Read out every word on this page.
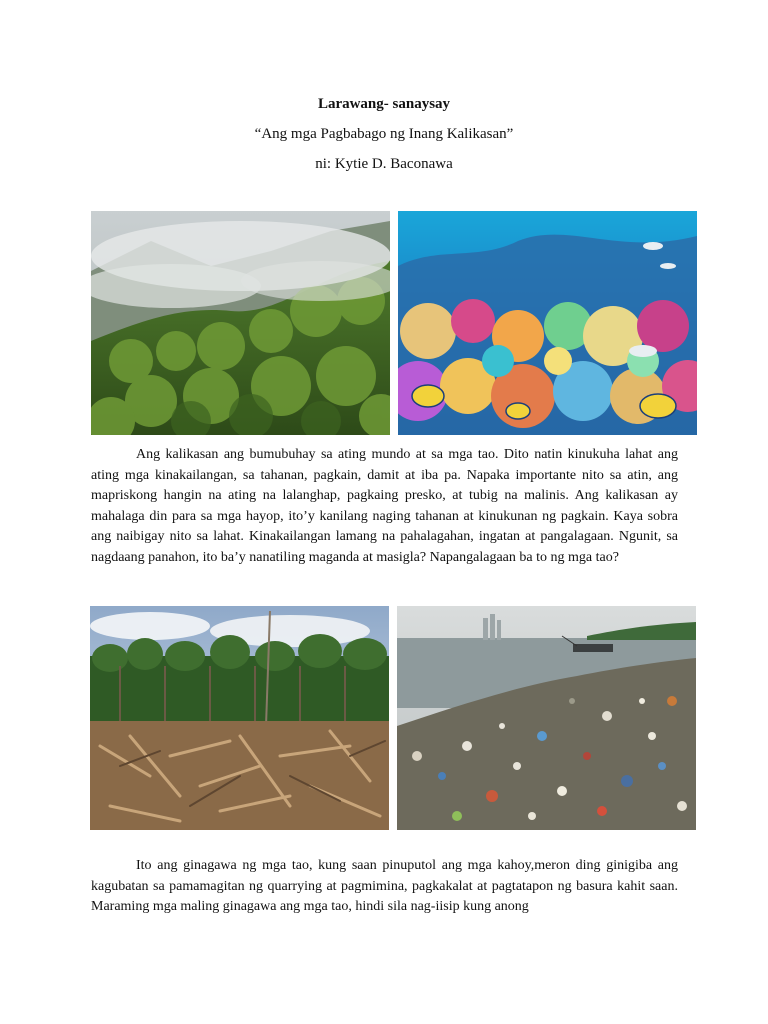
Larawang- sanaysay
“Ang mga Pagbabago ng Inang Kalikasan”
ni: Kytie D. Baconawa

Ang kalikasan ang bumubuhay sa ating mundo at sa mga tao. Dito natin kinukuha lahat ang ating mga kinakailangan, sa tahanan, pagkain, damit at iba pa. Napaka importante nito sa atin, ang mapriskong hangin na ating na lalanghap, pagkaing presko, at tubig na malinis. Ang kalikasan ay mahalaga din para sa mga hayop, ito’y kanilang naging tahanan at kinukunan ng pagkain. Kaya sobra ang naibigay nito sa lahat. Kinakailangan lamang na pahalagahan, ingatan at pangalagaan. Ngunit, sa nagdaang panahon, ito ba’y nanatiling maganda at masigla? Napangalagaan ba to ng mga tao?

Ito ang ginagawa ng mga tao, kung saan pinuputol ang mga kahoy,meron ding ginigiba ang kagubatan sa pamamagitan ng quarrying at pagmimina, pagkakalat at pagtatapon ng basura kahit saan. Maraming mga maling ginagawa ang mga tao, hindi sila nag-iisip kung anong
